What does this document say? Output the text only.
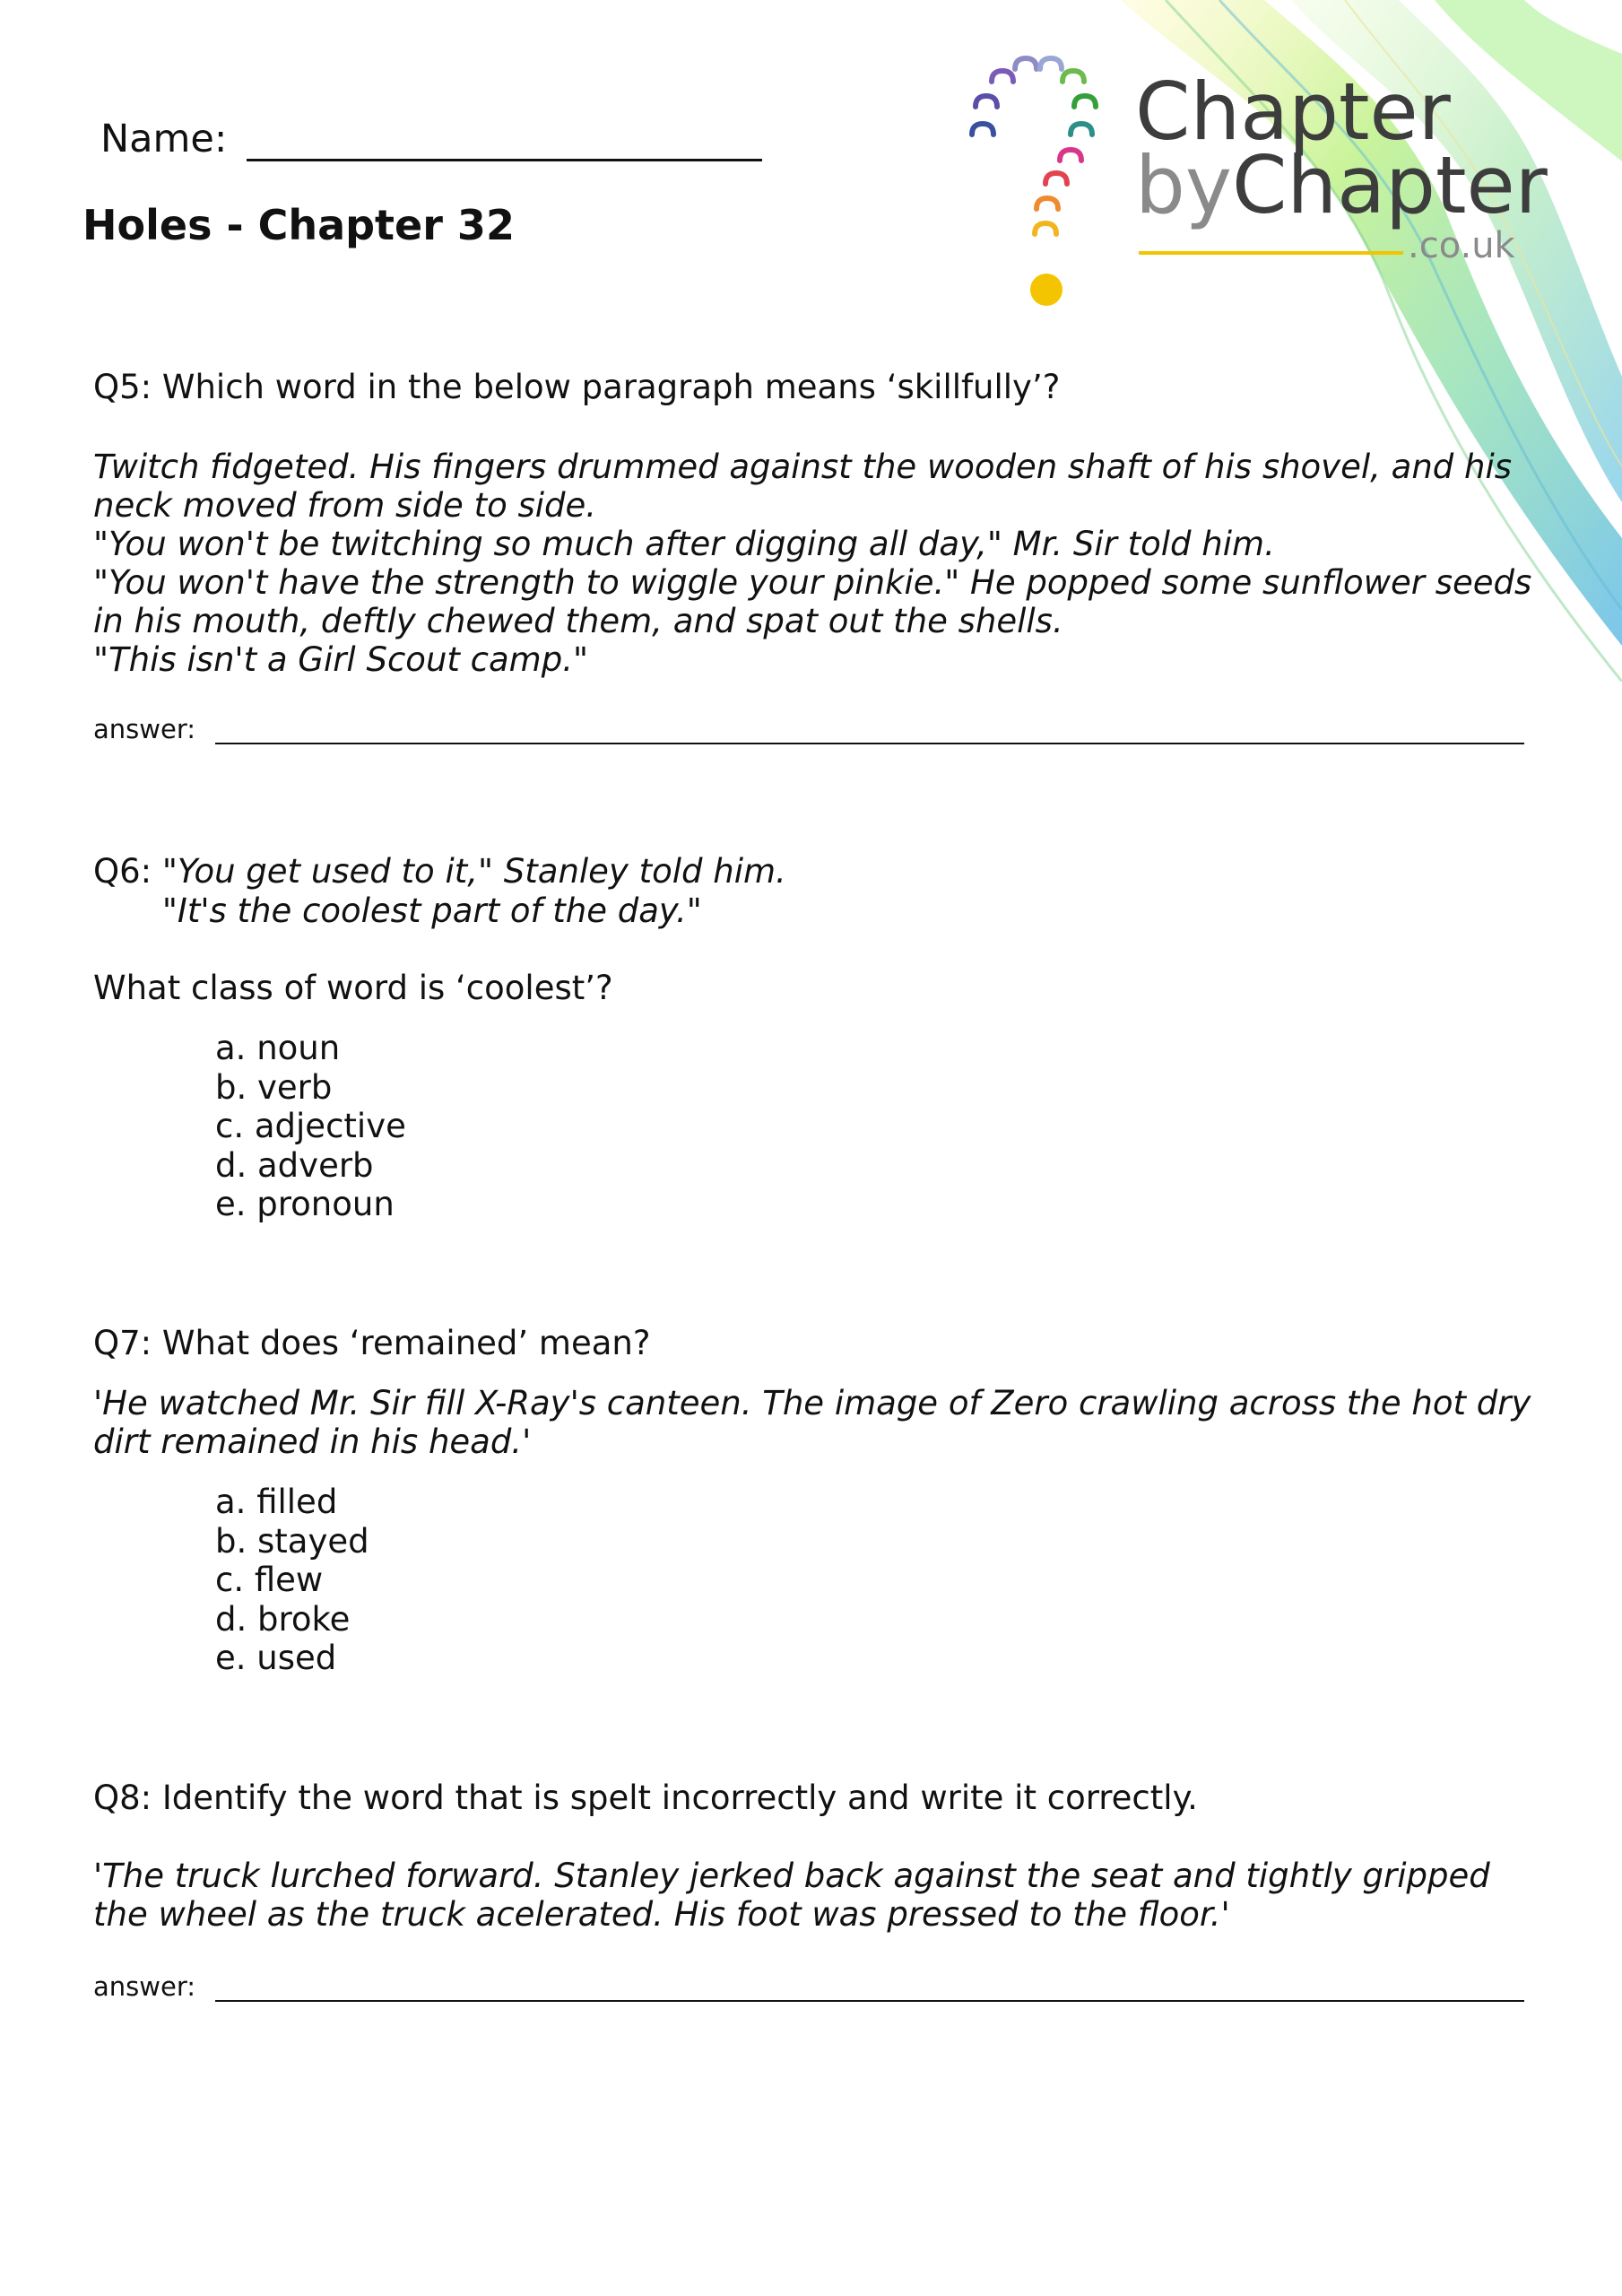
Chapter
byChapter
.co.uk
Name:
Holes - Chapter 32
Q5: Which word in the below paragraph means ‘skillfully’?
Twitch fidgeted. His fingers drummed against the wooden shaft of his shovel, and his
neck moved from side to side.
"You won't be twitching so much after digging all day," Mr. Sir told him.
"You won't have the strength to wiggle your pinkie." He popped some sunflower seeds
in his mouth, deftly chewed them, and spat out the shells.
"This isn't a Girl Scout camp."
answer:
Q6: "You get used to it," Stanley told him.
"It's the coolest part of the day."
What class of word is ‘coolest’?
a. noun
b. verb
c. adjective
d. adverb
e. pronoun
Q7: What does ‘remained’ mean?
'He watched Mr. Sir fill X-Ray's canteen. The image of Zero crawling across the hot dry
dirt remained in his head.'
a. filled
b. stayed
c. flew
d. broke
e. used
Q8: Identify the word that is spelt incorrectly and write it correctly.
'The truck lurched forward. Stanley jerked back against the seat and tightly gripped
the wheel as the truck acelerated. His foot was pressed to the floor.'
answer:
